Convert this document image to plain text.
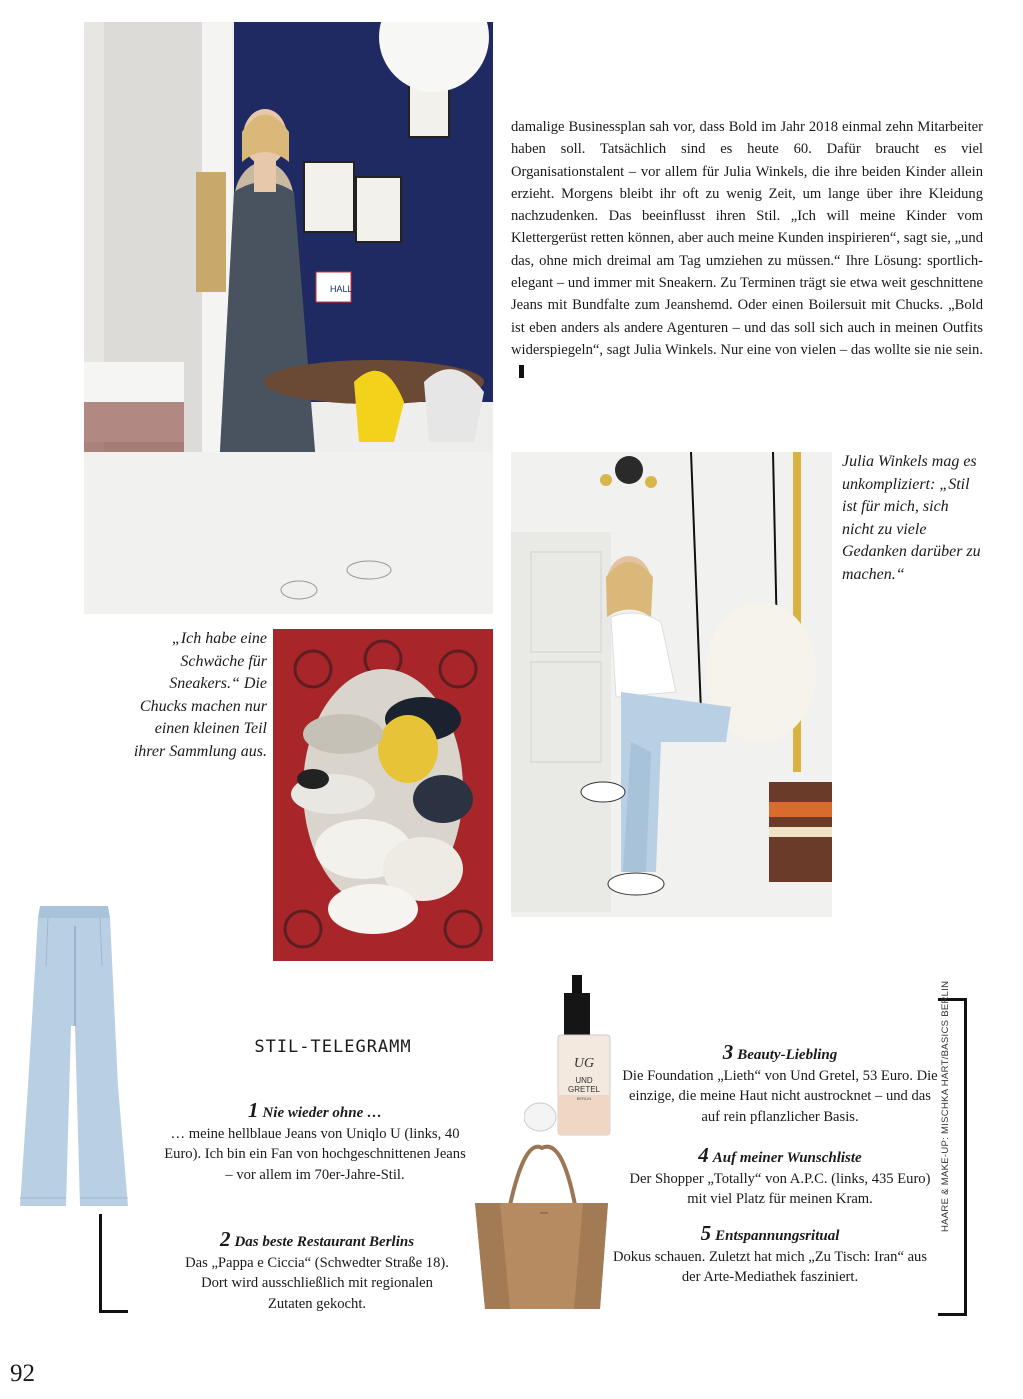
HALL
damalige Businessplan sah vor, dass Bold im Jahr 2018 einmal zehn Mitarbeiter haben soll. Tatsächlich sind es heute 60. Dafür braucht es viel Organisationstalent – vor allem für Julia Winkels, die ihre beiden Kinder allein erzieht. Morgens bleibt ihr oft zu wenig Zeit, um lange über ihre Kleidung nachzudenken. Das beeinflusst ihren Stil. „Ich will meine Kinder vom Klettergerüst retten können, aber auch meine Kunden inspirieren“, sagt sie, „und das, ohne mich dreimal am Tag umziehen zu müssen.“ Ihre Lösung: sportlich-elegant – und immer mit Sneakern. Zu Terminen trägt sie etwa weit geschnittene Jeans mit Bundfalte zum Jeanshemd. Oder einen Boilersuit mit Chucks. „Bold ist eben anders als andere Agenturen – und das soll sich auch in meinen Outfits widerspiegeln“, sagt Julia Winkels. Nur eine von vielen – das wollte sie nie sein.
Julia Winkels mag es unkompliziert: „Stil ist für mich, sich nicht zu viele Gedanken darüber zu machen.“
„Ich habe eine Schwäche für Sneakers.“ Die Chucks machen nur einen kleinen Teil ihrer Sammlung aus.
UG
UND
GRETEL
BERLIN
STIL-TELEGRAMM
1 Nie wieder ohne …
… meine hellblaue Jeans von Uniqlo U (links, 40 Euro). Ich bin ein Fan von hochgeschnittenen Jeans – vor allem im 70er-Jahre-Stil.
2 Das beste Restaurant Berlins
Das „Pappa e Ciccia“ (Schwedter Straße 18). Dort wird ausschließlich mit regionalen Zutaten gekocht.
3 Beauty-Liebling
Die Foundation „Lieth“ von Und Gretel, 53 Euro. Die einzige, die meine Haut nicht austrocknet – und das auf rein pflanzlicher Basis.
4 Auf meiner Wunschliste
Der Shopper „Totally“ von A.P.C. (links, 435 Euro) mit viel Platz für meinen Kram.
5 Entspannungsritual
Dokus schauen. Zuletzt hat mich „Zu Tisch: Iran“ aus der Arte-Mediathek fasziniert.
HAARE & MAKE-UP: MISCHKA HART/BASICS BERLIN
92
